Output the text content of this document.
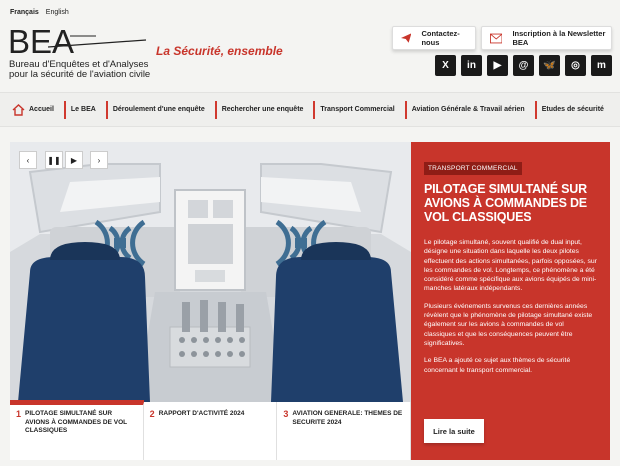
Français English
BEA
Bureau d'Enquêtes et d'Analyses
pour la sécurité de l'aviation civile
La Sécurité, ensemble
Contactez-nous
Inscription à la Newsletter BEA
X	in	▶	@	🦋	◎	m
Accueil	Le BEA	Déroulement d'une enquête	Rechercher une enquête	Transport Commercial	Aviation Générale & Travail aérien	Etudes de sécurité
‹	❚❚	▶	›
1 PILOTAGE SIMULTANÉ SUR AVIONS À COMMANDES DE VOL CLASSIQUES
2 RAPPORT D'ACTIVITÉ 2024	3 AVIATION GENERALE: THEMES DE SECURITE 2024
TRANSPORT COMMERCIAL
PILOTAGE SIMULTANÉ SUR AVIONS À COMMANDES DE VOL CLASSIQUES

Le pilotage simultané, souvent qualifié de dual input, désigne une situation dans laquelle les deux pilotes effectuent des actions simultanées, parfois opposées, sur les commandes de vol. Longtemps, ce phénomène a été considéré comme spécifique aux avions équipés de mini-manches latéraux indépendants.

Plusieurs événements survenus ces dernières années révèlent que le phénomène de pilotage simultané existe également sur les avions à commandes de vol classiques et que les conséquences peuvent être significatives.

Le BEA a ajouté ce sujet aux thèmes de sécurité concernant le transport commercial.

Lire la suite
